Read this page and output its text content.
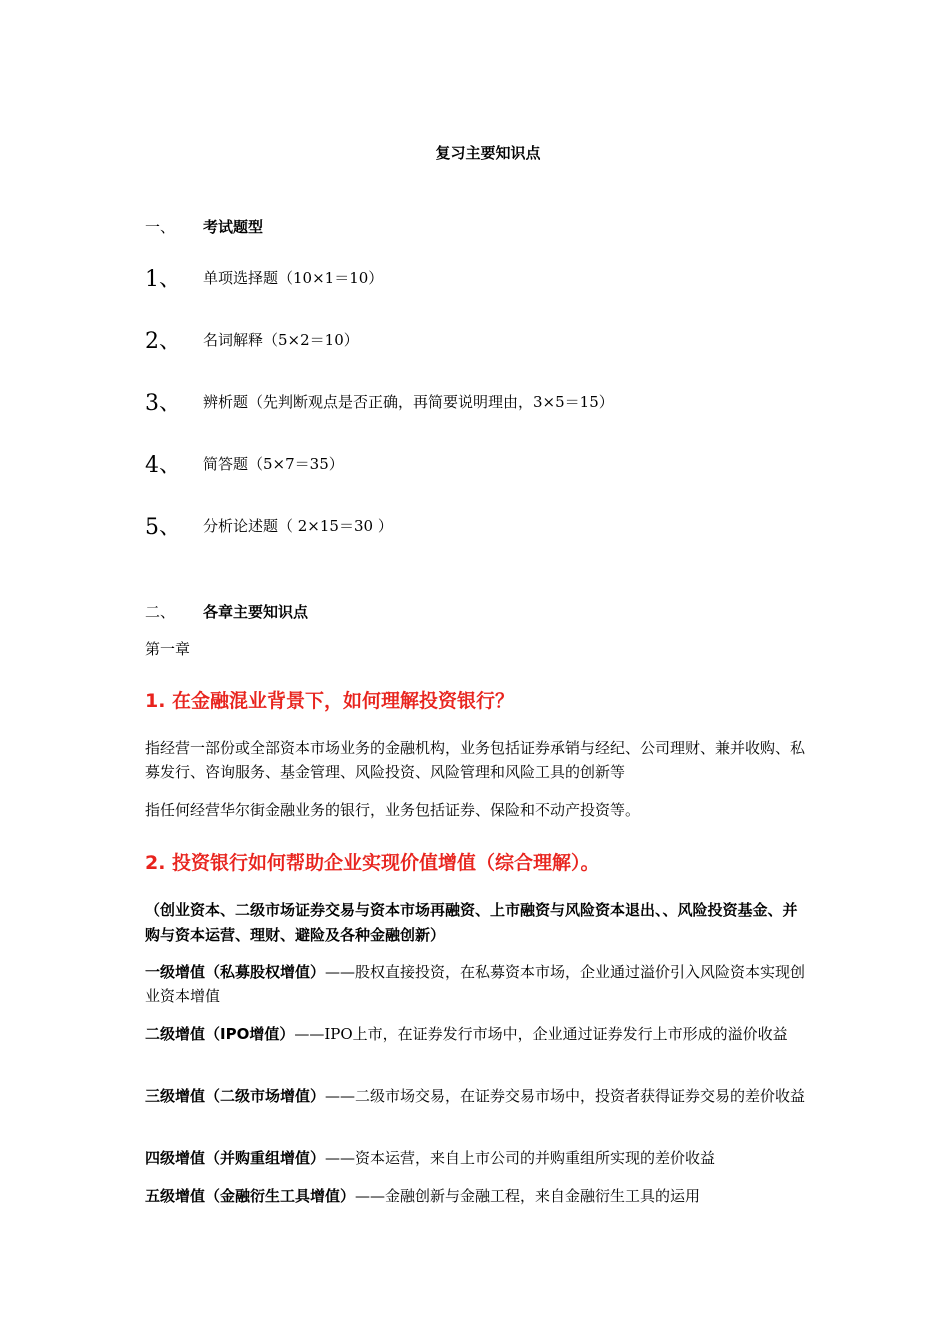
复习主要知识点
一、 考试题型
1、 单项选择题（10×1＝10）
2、 名词解释（5×2＝10）
3、 辨析题（先判断观点是否正确，再简要说明理由，3×5＝15）
4、 简答题（5×7＝35）
5、 分析论述题（ 2×15＝30 ）
二、 各章主要知识点
第一章
1. 在金融混业背景下，如何理解投资银行？
指经营一部份或全部资本市场业务的金融机构，业务包括证券承销与经纪、公司理财、兼并收购、私募发行、咨询服务、基金管理、风险投资、风险管理和风险工具的创新等
指任何经营华尔街金融业务的银行，业务包括证券、保险和不动产投资等。
2. 投资银行如何帮助企业实现价值增值（综合理解）。
（创业资本、二级市场证券交易与资本市场再融资、上市融资与风险资本退出、、风险投资基金、并购与资本运营、理财、避险及各种金融创新）
一级增值（私募股权增值）——股权直接投资，在私募资本市场，企业通过溢价引入风险资本实现创业资本增值
二级增值（IPO增值）——IPO上市，在证券发行市场中，企业通过证券发行上市形成的溢价收益
三级增值（二级市场增值）——二级市场交易，在证券交易市场中，投资者获得证券交易的差价收益
四级增值（并购重组增值）——资本运营，来自上市公司的并购重组所实现的差价收益
五级增值（金融衍生工具增值）——金融创新与金融工程，来自金融衍生工具的运用
